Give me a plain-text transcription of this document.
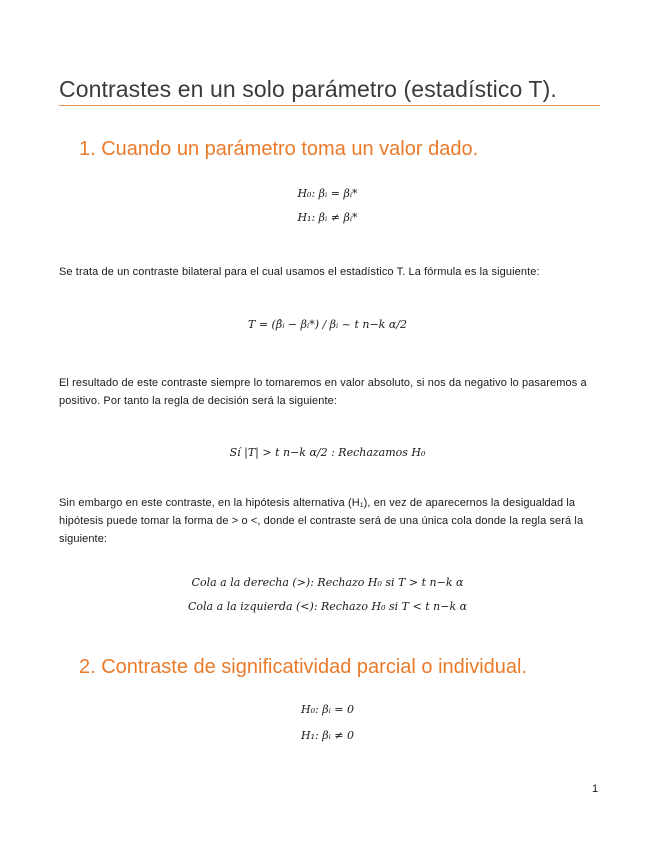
Contrastes en un solo parámetro (estadístico T).
1. Cuando un parámetro toma un valor dado.

H₀: βᵢ = βᵢ*

H₁: βᵢ ≠ βᵢ*

Se trata de un contraste bilateral para el cual usamos el estadístico T. La fórmula es la siguiente:

T = (β̂ᵢ − βᵢ*) / βᵢ ~ t n−k α/2

El resultado de este contraste siempre lo tomaremos en valor absoluto, si nos da negativo lo pasaremos a positivo. Por tanto la regla de decisión será la siguiente:

Sí |T| > t n−k α/2 : Rechazamos H₀

Sin embargo en este contraste, en la hipótesis alternativa (H₁), en vez de aparecernos la desigualdad la hipótesis puede tomar la forma de > o <, donde el contraste será de una única cola donde la regla será la siguiente:

Cola a la derecha (>): Rechazo H₀ si T > t n−k α

Cola a la izquierda (<): Rechazo H₀ si T < t n−k α

2. Contraste de significatividad parcial o individual.

H₀: βᵢ = 0

H₁: βᵢ ≠ 0

1
